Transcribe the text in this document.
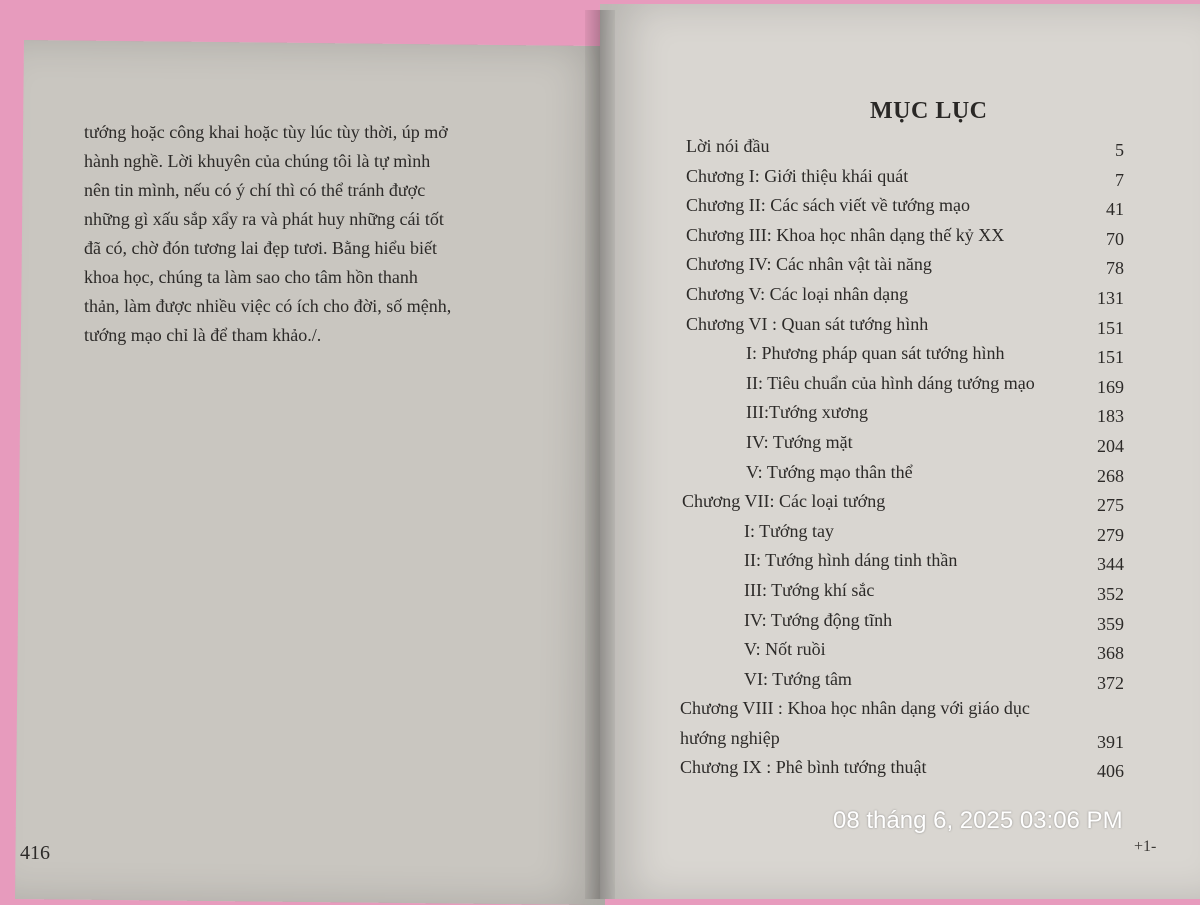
tướng hoặc công khai hoặc tùy lúc tùy thời, úp mở

hành nghề. Lời khuyên của chúng tôi là tự mình

nên tin mình, nếu có ý chí thì có thể tránh được

những gì xấu sắp xẩy ra và phát huy những cái tốt

đã có, chờ đón tương lai đẹp tươi. Bằng hiểu biết

khoa học, chúng ta làm sao cho tâm hồn thanh

thản, làm được nhiều việc có ích cho đời, số mệnh,

tướng mạo chỉ là để tham khảo./.

416
MỤC LỤC
Lời nói đầu	5
Chương I: Giới thiệu khái quát	7
Chương II: Các sách viết về tướng mạo	41
Chương III: Khoa học nhân dạng thế kỷ XX	70
Chương IV: Các nhân vật tài năng	78
Chương V: Các loại nhân dạng	131
Chương VI : Quan sát tướng hình	151
I: Phương pháp quan sát tướng hình	151
II: Tiêu chuẩn của hình dáng tướng mạo	169
III:Tướng xương	183
IV: Tướng mặt	204
V: Tướng mạo thân thể	268
Chương VII: Các loại tướng	275
I: Tướng tay	279
II: Tướng hình dáng tinh thần	344
III: Tướng khí sắc	352
IV: Tướng động tĩnh	359
V: Nốt ruồi	368
VI: Tướng tâm	372
Chương VIII : Khoa học nhân dạng với giáo dục
hướng nghiệp	391
Chương IX : Phê bình tướng thuật	406
+1-
08 tháng 6, 2025 03:06 PM
